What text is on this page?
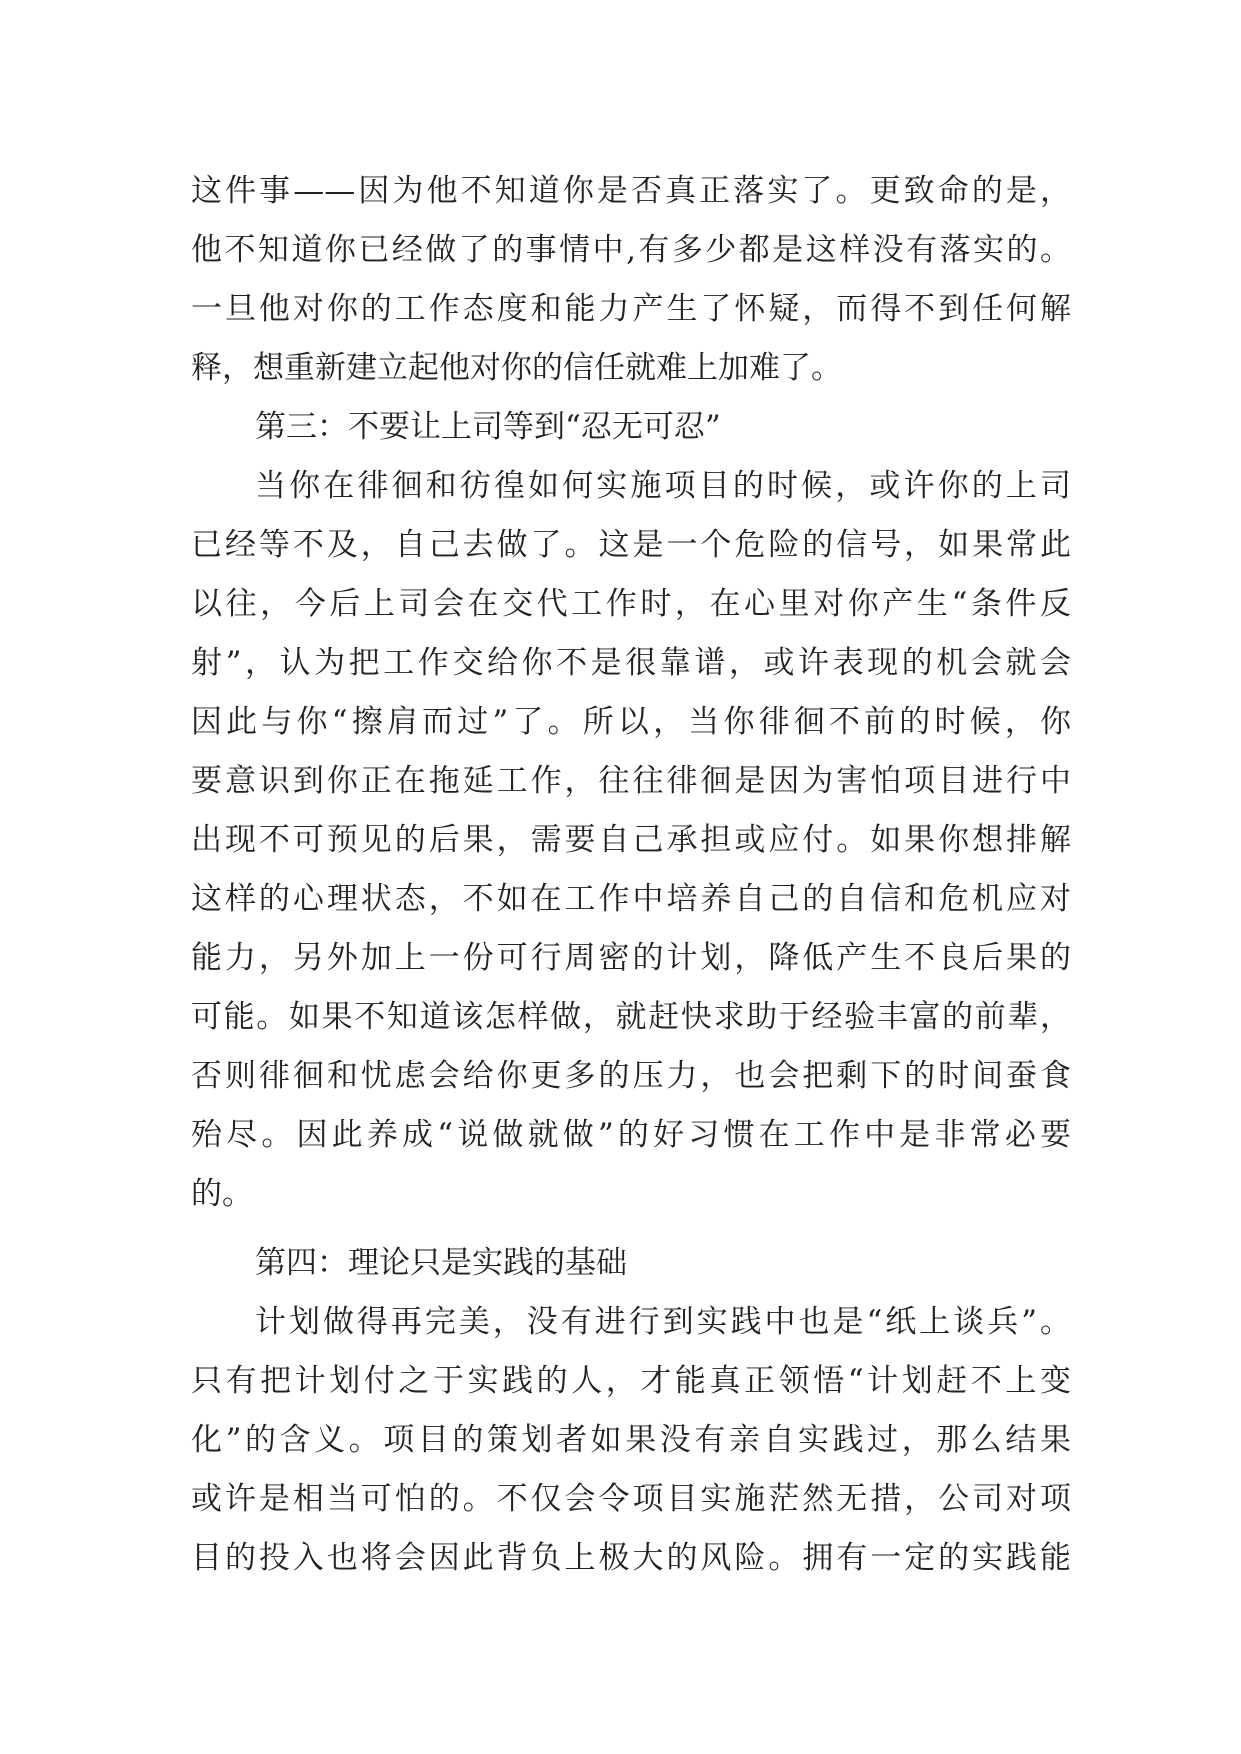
这件事——因为他不知道你是否真正落实了。更致命的是，
他不知道你已经做了的事情中,有多少都是这样没有落实的。
一旦他对你的工作态度和能力产生了怀疑，而得不到任何解
释，想重新建立起他对你的信任就难上加难了。
第三：不要让上司等到“忍无可忍”
当你在徘徊和彷徨如何实施项目的时候，或许你的上司
已经等不及，自己去做了。这是一个危险的信号，如果常此
以往，今后上司会在交代工作时，在心里对你产生“条件反
射”，认为把工作交给你不是很靠谱，或许表现的机会就会
因此与你“擦肩而过”了。所以，当你徘徊不前的时候，你
要意识到你正在拖延工作，往往徘徊是因为害怕项目进行中
出现不可预见的后果，需要自己承担或应付。如果你想排解
这样的心理状态，不如在工作中培养自己的自信和危机应对
能力，另外加上一份可行周密的计划，降低产生不良后果的
可能。如果不知道该怎样做，就赶快求助于经验丰富的前辈，
否则徘徊和忧虑会给你更多的压力，也会把剩下的时间蚕食
殆尽。因此养成“说做就做”的好习惯在工作中是非常必要
的。
第四：理论只是实践的基础
计划做得再完美，没有进行到实践中也是“纸上谈兵”。
只有把计划付之于实践的人，才能真正领悟“计划赶不上变
化”的含义。项目的策划者如果没有亲自实践过，那么结果
或许是相当可怕的。不仅会令项目实施茫然无措，公司对项
目的投入也将会因此背负上极大的风险。拥有一定的实践能
